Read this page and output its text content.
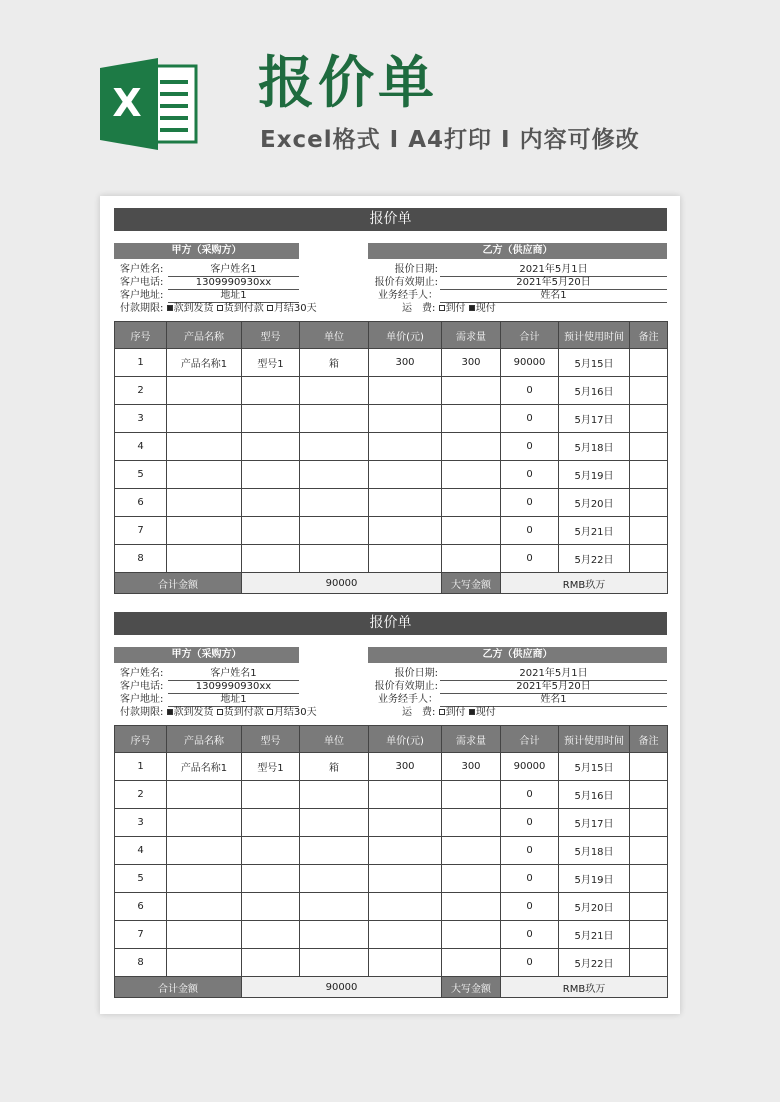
X 报价单
Excel格式 I A4打印 I 内容可修改
报价单
甲方（采购方）	乙方（供应商）
客户姓名:	客户姓名1
客户电话:	1309990930xx
客户地址:	地址1
付款期限: 款到发货 货到付款 月结30天
报价日期:	2021年5月1日
报价有效期止:	2021年5月20日
业务经手人：	姓名1
运　费: 到付 现付
序号	产品名称	型号	单位	单价(元)	需求量	合计	预计使用时间	备注
1	产品名称1	型号1	箱	300	300	90000	5月15日	
2						0	5月16日	
3						0	5月17日	
4						0	5月18日	
5						0	5月19日	
6						0	5月20日	
7						0	5月21日	
8						0	5月22日	
合计金额		90000			大写金额	RMB玖万		
报价单
甲方（采购方）	乙方（供应商）
客户姓名:	客户姓名1
客户电话:	1309990930xx
客户地址:	地址1
付款期限: 款到发货 货到付款 月结30天
报价日期:	2021年5月1日
报价有效期止:	2021年5月20日
业务经手人：	姓名1
运　费: 到付 现付
序号	产品名称	型号	单位	单价(元)	需求量	合计	预计使用时间	备注
1	产品名称1	型号1	箱	300	300	90000	5月15日	
2						0	5月16日	
3						0	5月17日	
4						0	5月18日	
5						0	5月19日	
6						0	5月20日	
7						0	5月21日	
8						0	5月22日	
合计金额		90000			大写金额	RMB玖万		
